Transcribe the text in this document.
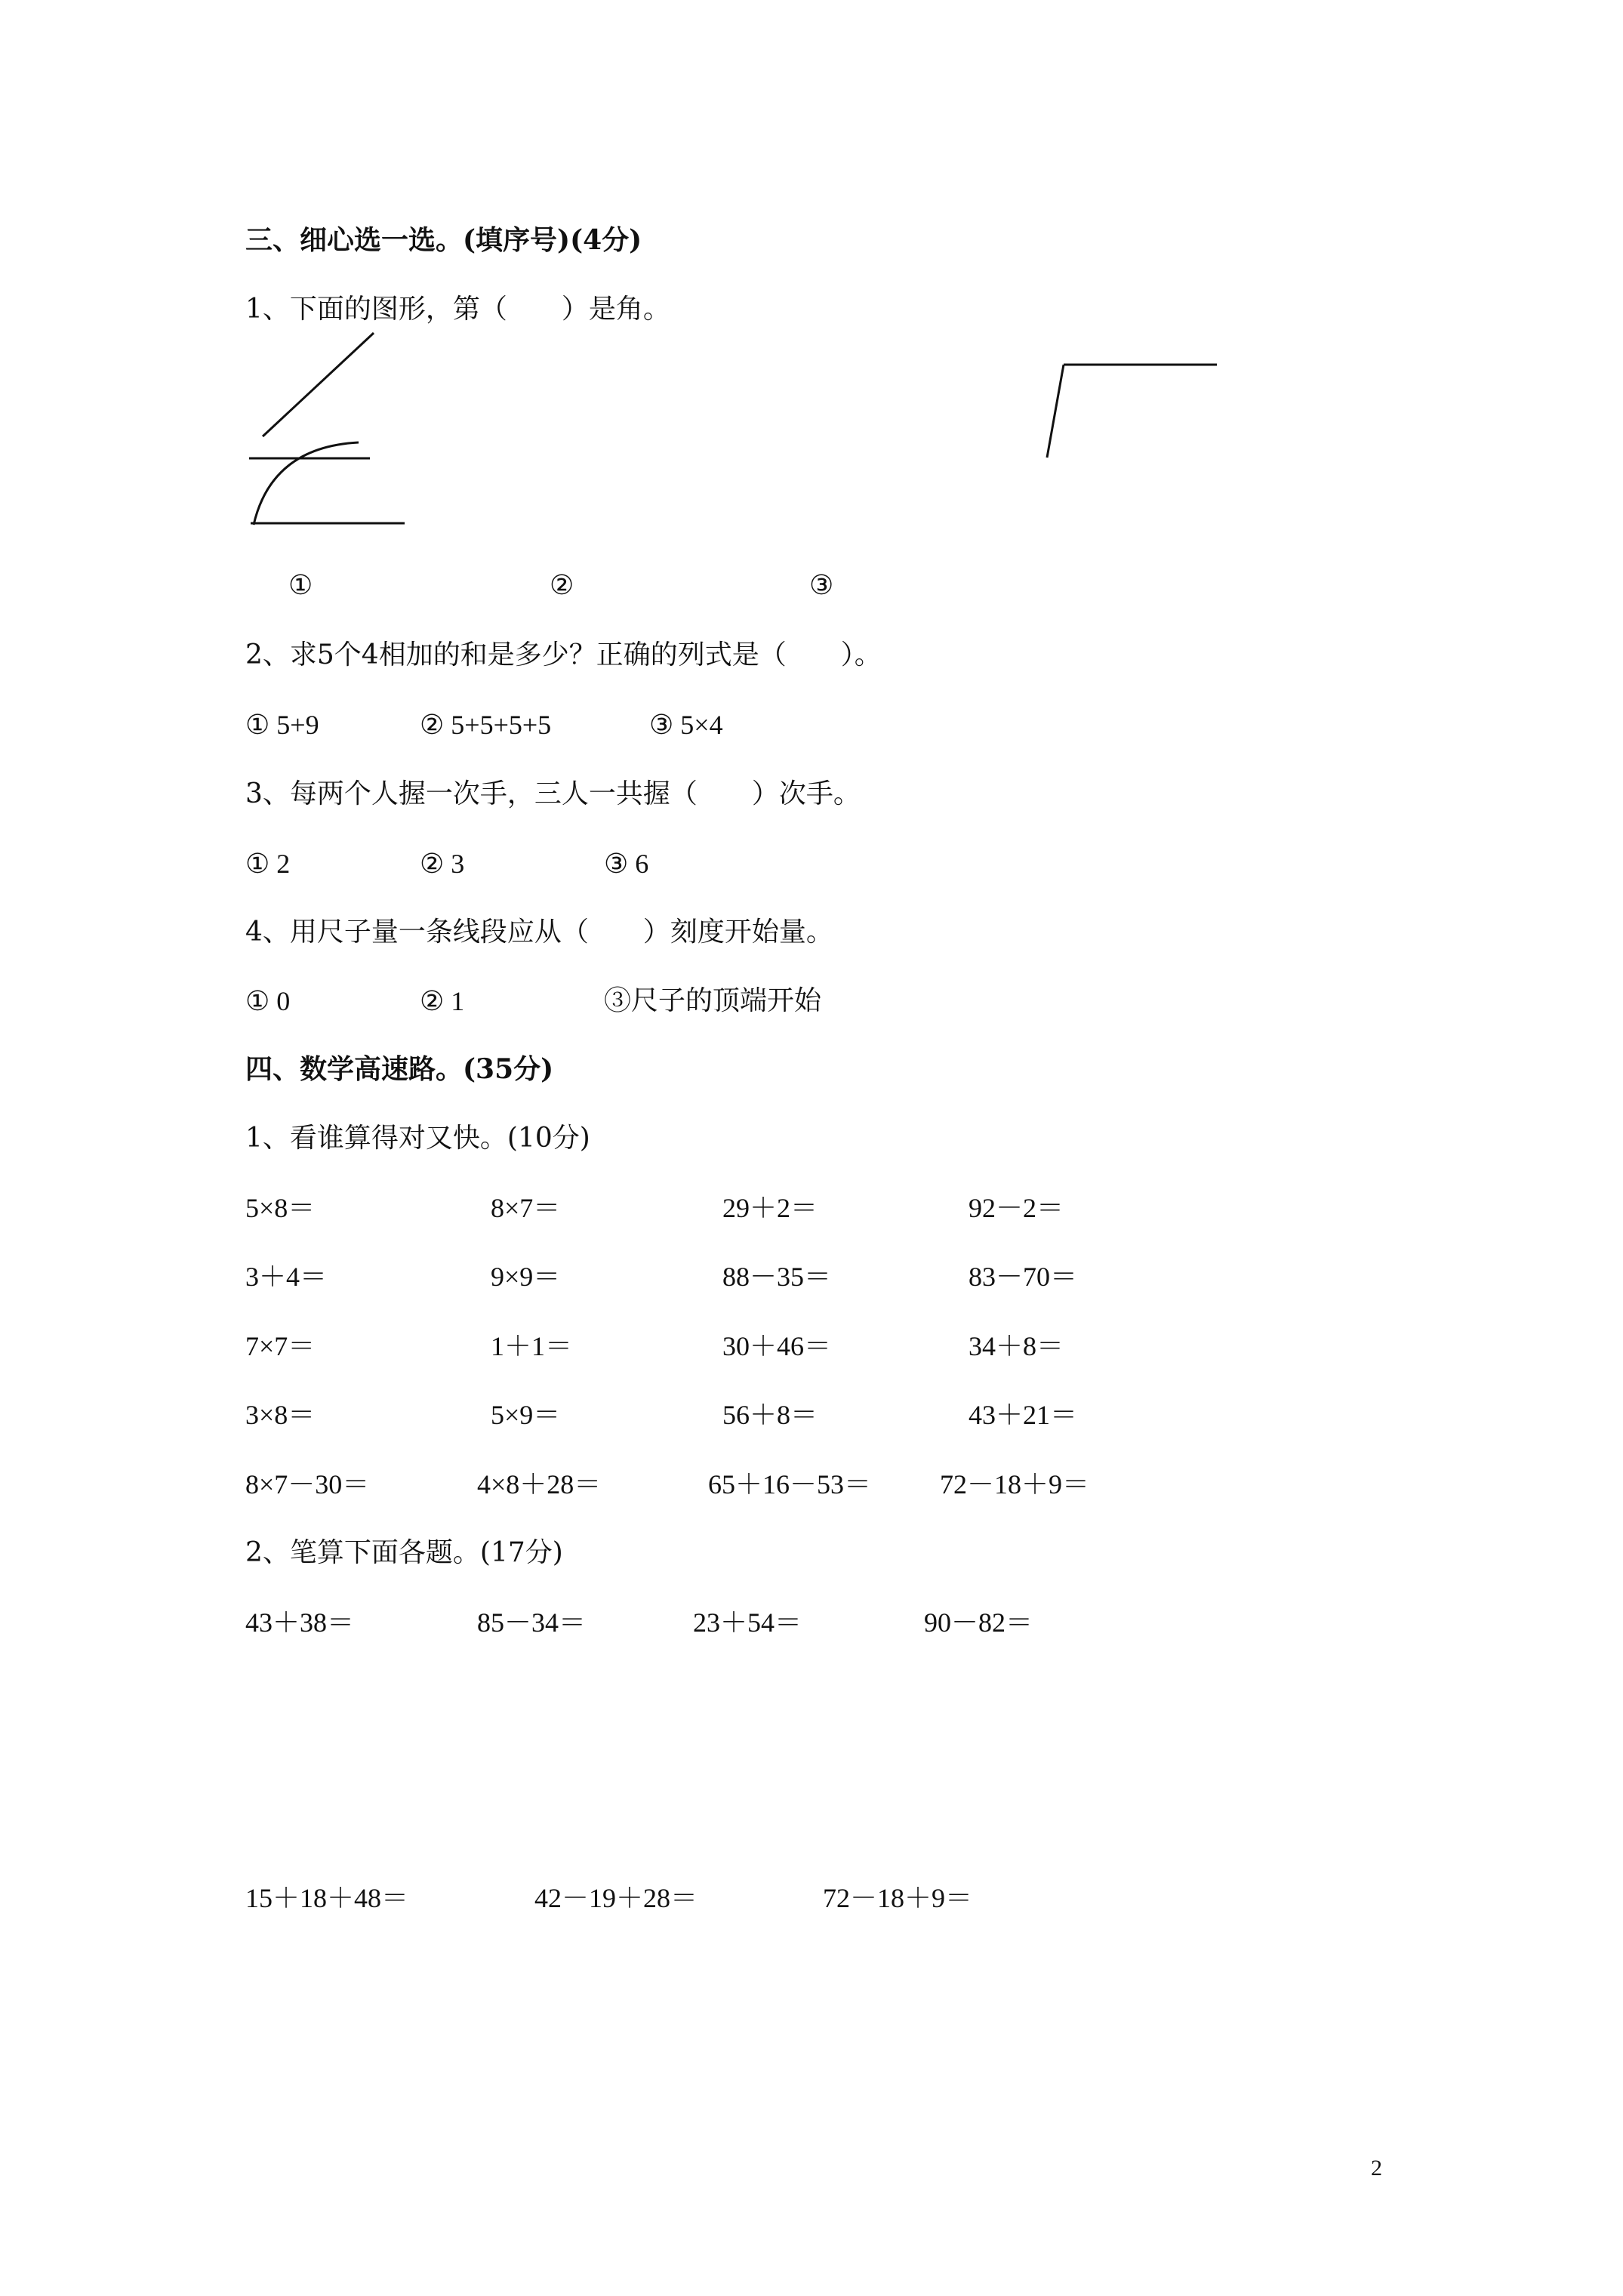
三、细心选一选。(填序号)(4分)
1、下面的图形，第（　　）是角。
①	②	③
2、求5个4相加的和是多少？正确的列式是（　　）。
① 5+9	② 5+5+5+5	③ 5×4
3、每两个人握一次手，三人一共握（　　）次手。
① 2	② 3	③ 6
4、用尺子量一条线段应从（　　）刻度开始量。
① 0	② 1	③尺子的顶端开始
四、数学高速路。(35分)
1、看谁算得对又快。(10分)
5×8＝	8×7＝	29＋2＝	92－2＝
3＋4＝	9×9＝	88－35＝	83－70＝
7×7＝	1＋1＝	30＋46＝	34＋8＝
3×8＝	5×9＝	56＋8＝	43＋21＝
8×7－30＝	4×8＋28＝	65＋16－53＝	72－18＋9＝
2、笔算下面各题。(17分)
43＋38＝	85－34＝	23＋54＝	90－82＝
15＋18＋48＝	42－19＋28＝	72－18＋9＝
2
